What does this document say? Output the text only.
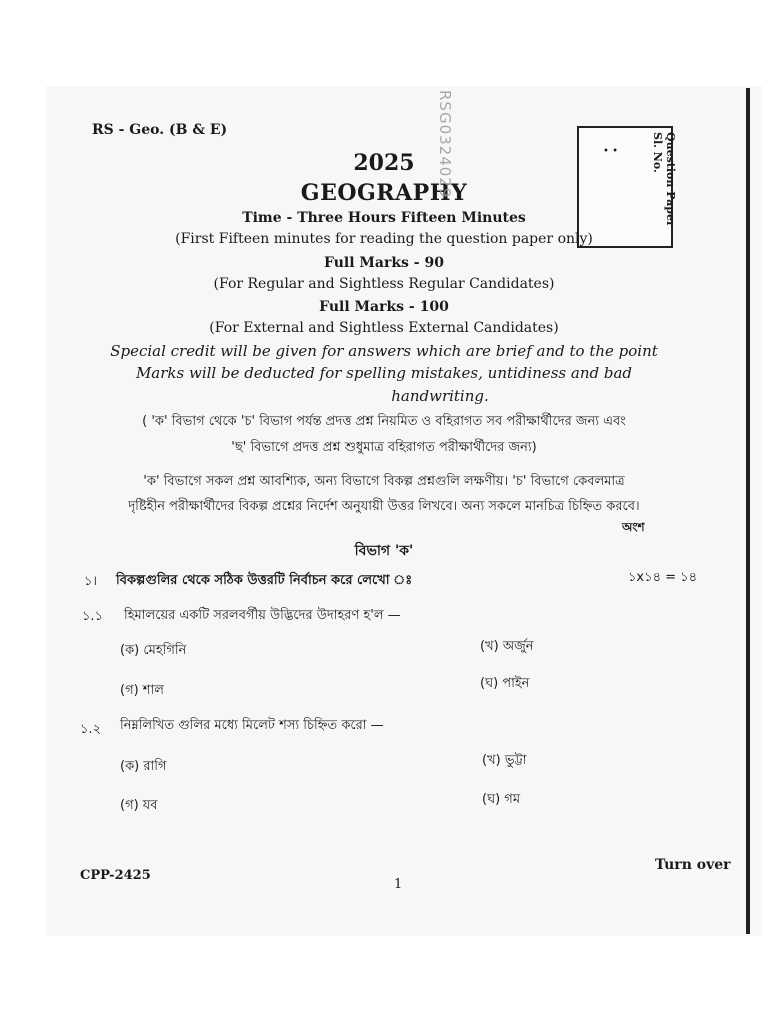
RS - Geo. (B & E)
• •	Question Paper Sl. No.
2025
GEOGRAPHY
Time - Three Hours Fifteen Minutes
(First Fifteen minutes for reading the question paper only)
Full Marks - 90
(For Regular and Sightless Regular Candidates)
Full Marks - 100
(For External and Sightless External Candidates)
Special credit will be given for answers which are brief and to the point
Marks will be deducted for spelling mistakes, untidiness and bad
handwriting.
( 'ক' বিভাগ থেকে 'চ' বিভাগ পর্যন্ত প্রদত্ত প্রশ্ন নিয়মিত ও বহিরাগত সব পরীক্ষার্থীদের জন্য এবং
'ছ' বিভাগে প্রদত্ত প্রশ্ন শুধুমাত্র বহিরাগত পরীক্ষার্থীদের জন্য)
'ক' বিভাগে সকল প্রশ্ন আবশ্যিক, অন্য বিভাগে বিকল্প প্রশ্নগুলি লক্ষণীয়। 'চ' বিভাগে কেবলমাত্র
দৃষ্টিহীন পরীক্ষার্থীদের বিকল্প প্রশ্নের নির্দেশ অনুযায়ী উত্তর লিখবে। অন্য সকলে মানচিত্র চিহ্নিত করবে।
অংশ
RSG0324029
বিভাগ 'ক'
১। বিকল্পগুলির থেকে সঠিক উত্তরটি নির্বাচন করে লেখো ঃ	১x১৪ = ১৪
১.১ হিমালয়ের একটি সরলবর্গীয় উদ্ভিদের উদাহরণ হ'ল —
(ক) মেহগিনি	(খ) অর্জুন
(গ) শাল	(ঘ) পাইন
১.২ নিম্নলিখিত গুলির মধ্যে মিলেট শস্য চিহ্নিত করো —
(ক) রাগি	(খ) ভুট্টা
(গ) যব	(ঘ) গম
CPP-2425
1
Turn over
